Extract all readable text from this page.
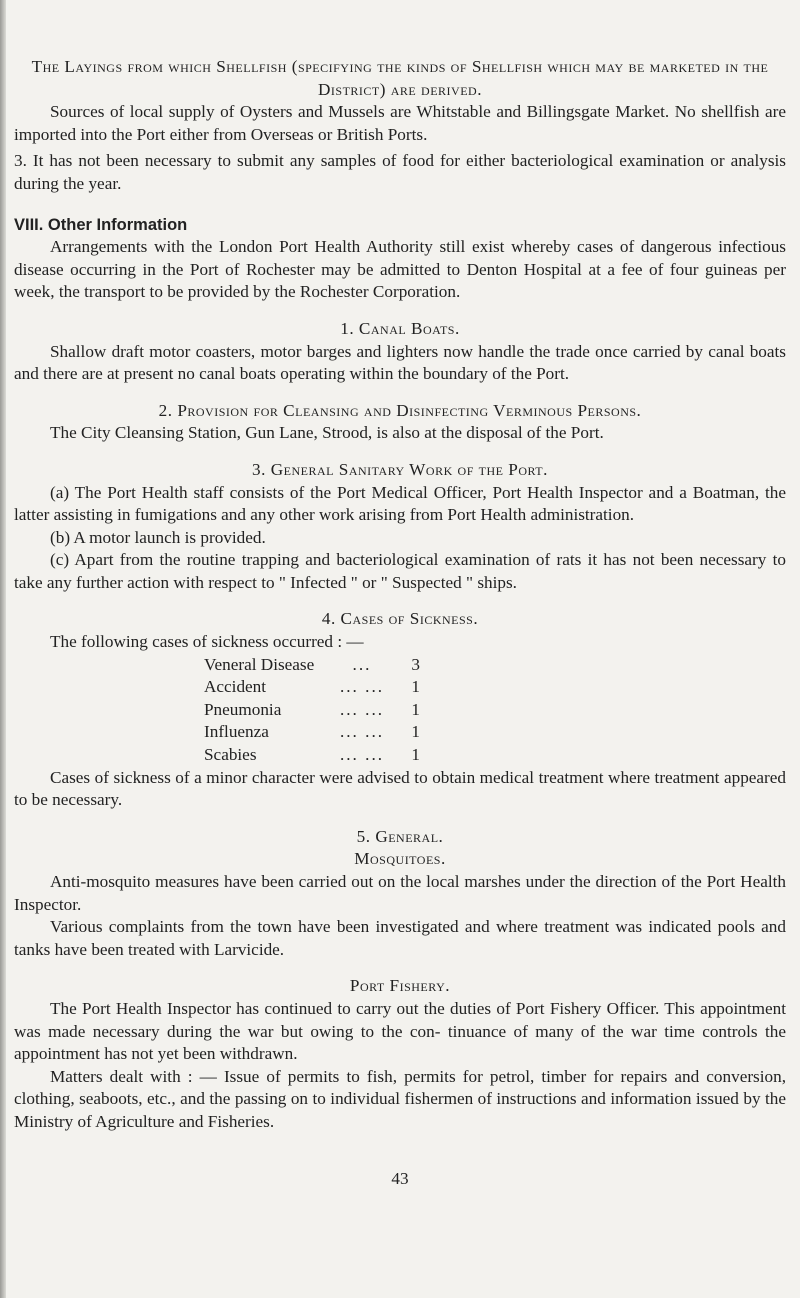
The Layings from which Shellfish (specifying the kinds of Shellfish which may be marketed in the District) are derived.

Sources of local supply of Oysters and Mussels are Whitstable and Billingsgate Market. No shellfish are imported into the Port either from Overseas or British Ports.

3. It has not been necessary to submit any samples of food for either bacteriological examination or analysis during the year.

VIII. Other Information

Arrangements with the London Port Health Authority still exist whereby cases of dangerous infectious disease occurring in the Port of Rochester may be admitted to Denton Hospital at a fee of four guineas per week, the transport to be provided by the Rochester Corporation.

1. Canal Boats.

Shallow draft motor coasters, motor barges and lighters now handle the trade once carried by canal boats and there are at present no canal boats operating within the boundary of the Port.

2. Provision for Cleansing and Disinfecting Verminous Persons.

The City Cleansing Station, Gun Lane, Strood, is also at the disposal of the Port.

3. General Sanitary Work of the Port.

(a) The Port Health staff consists of the Port Medical Officer, Port Health Inspector and a Boatman, the latter assisting in fumigations and any other work arising from Port Health administration.

(b) A motor launch is provided.

(c) Apart from the routine trapping and bacteriological examination of rats it has not been necessary to take any further action with respect to " Infected " or " Suspected " ships.

4. Cases of Sickness.

The following cases of sickness occurred : —

Veneral Disease	...	3
Accident	... ...	1
Pneumonia	... ...	1
Influenza	... ...	1
Scabies	... ...	1

Cases of sickness of a minor character were advised to obtain medical treatment where treatment appeared to be necessary.

5. General.

Mosquitoes.

Anti-mosquito measures have been carried out on the local marshes under the direction of the Port Health Inspector.

Various complaints from the town have been investigated and where treatment was indicated pools and tanks have been treated with Larvicide.

Port Fishery.

The Port Health Inspector has continued to carry out the duties of Port Fishery Officer. This appointment was made necessary during the war but owing to the con- tinuance of many of the war time controls the appointment has not yet been withdrawn.

Matters dealt with : — Issue of permits to fish, permits for petrol, timber for repairs and conversion, clothing, seaboots, etc., and the passing on to individual fishermen of instructions and information issued by the Ministry of Agriculture and Fisheries.

43
